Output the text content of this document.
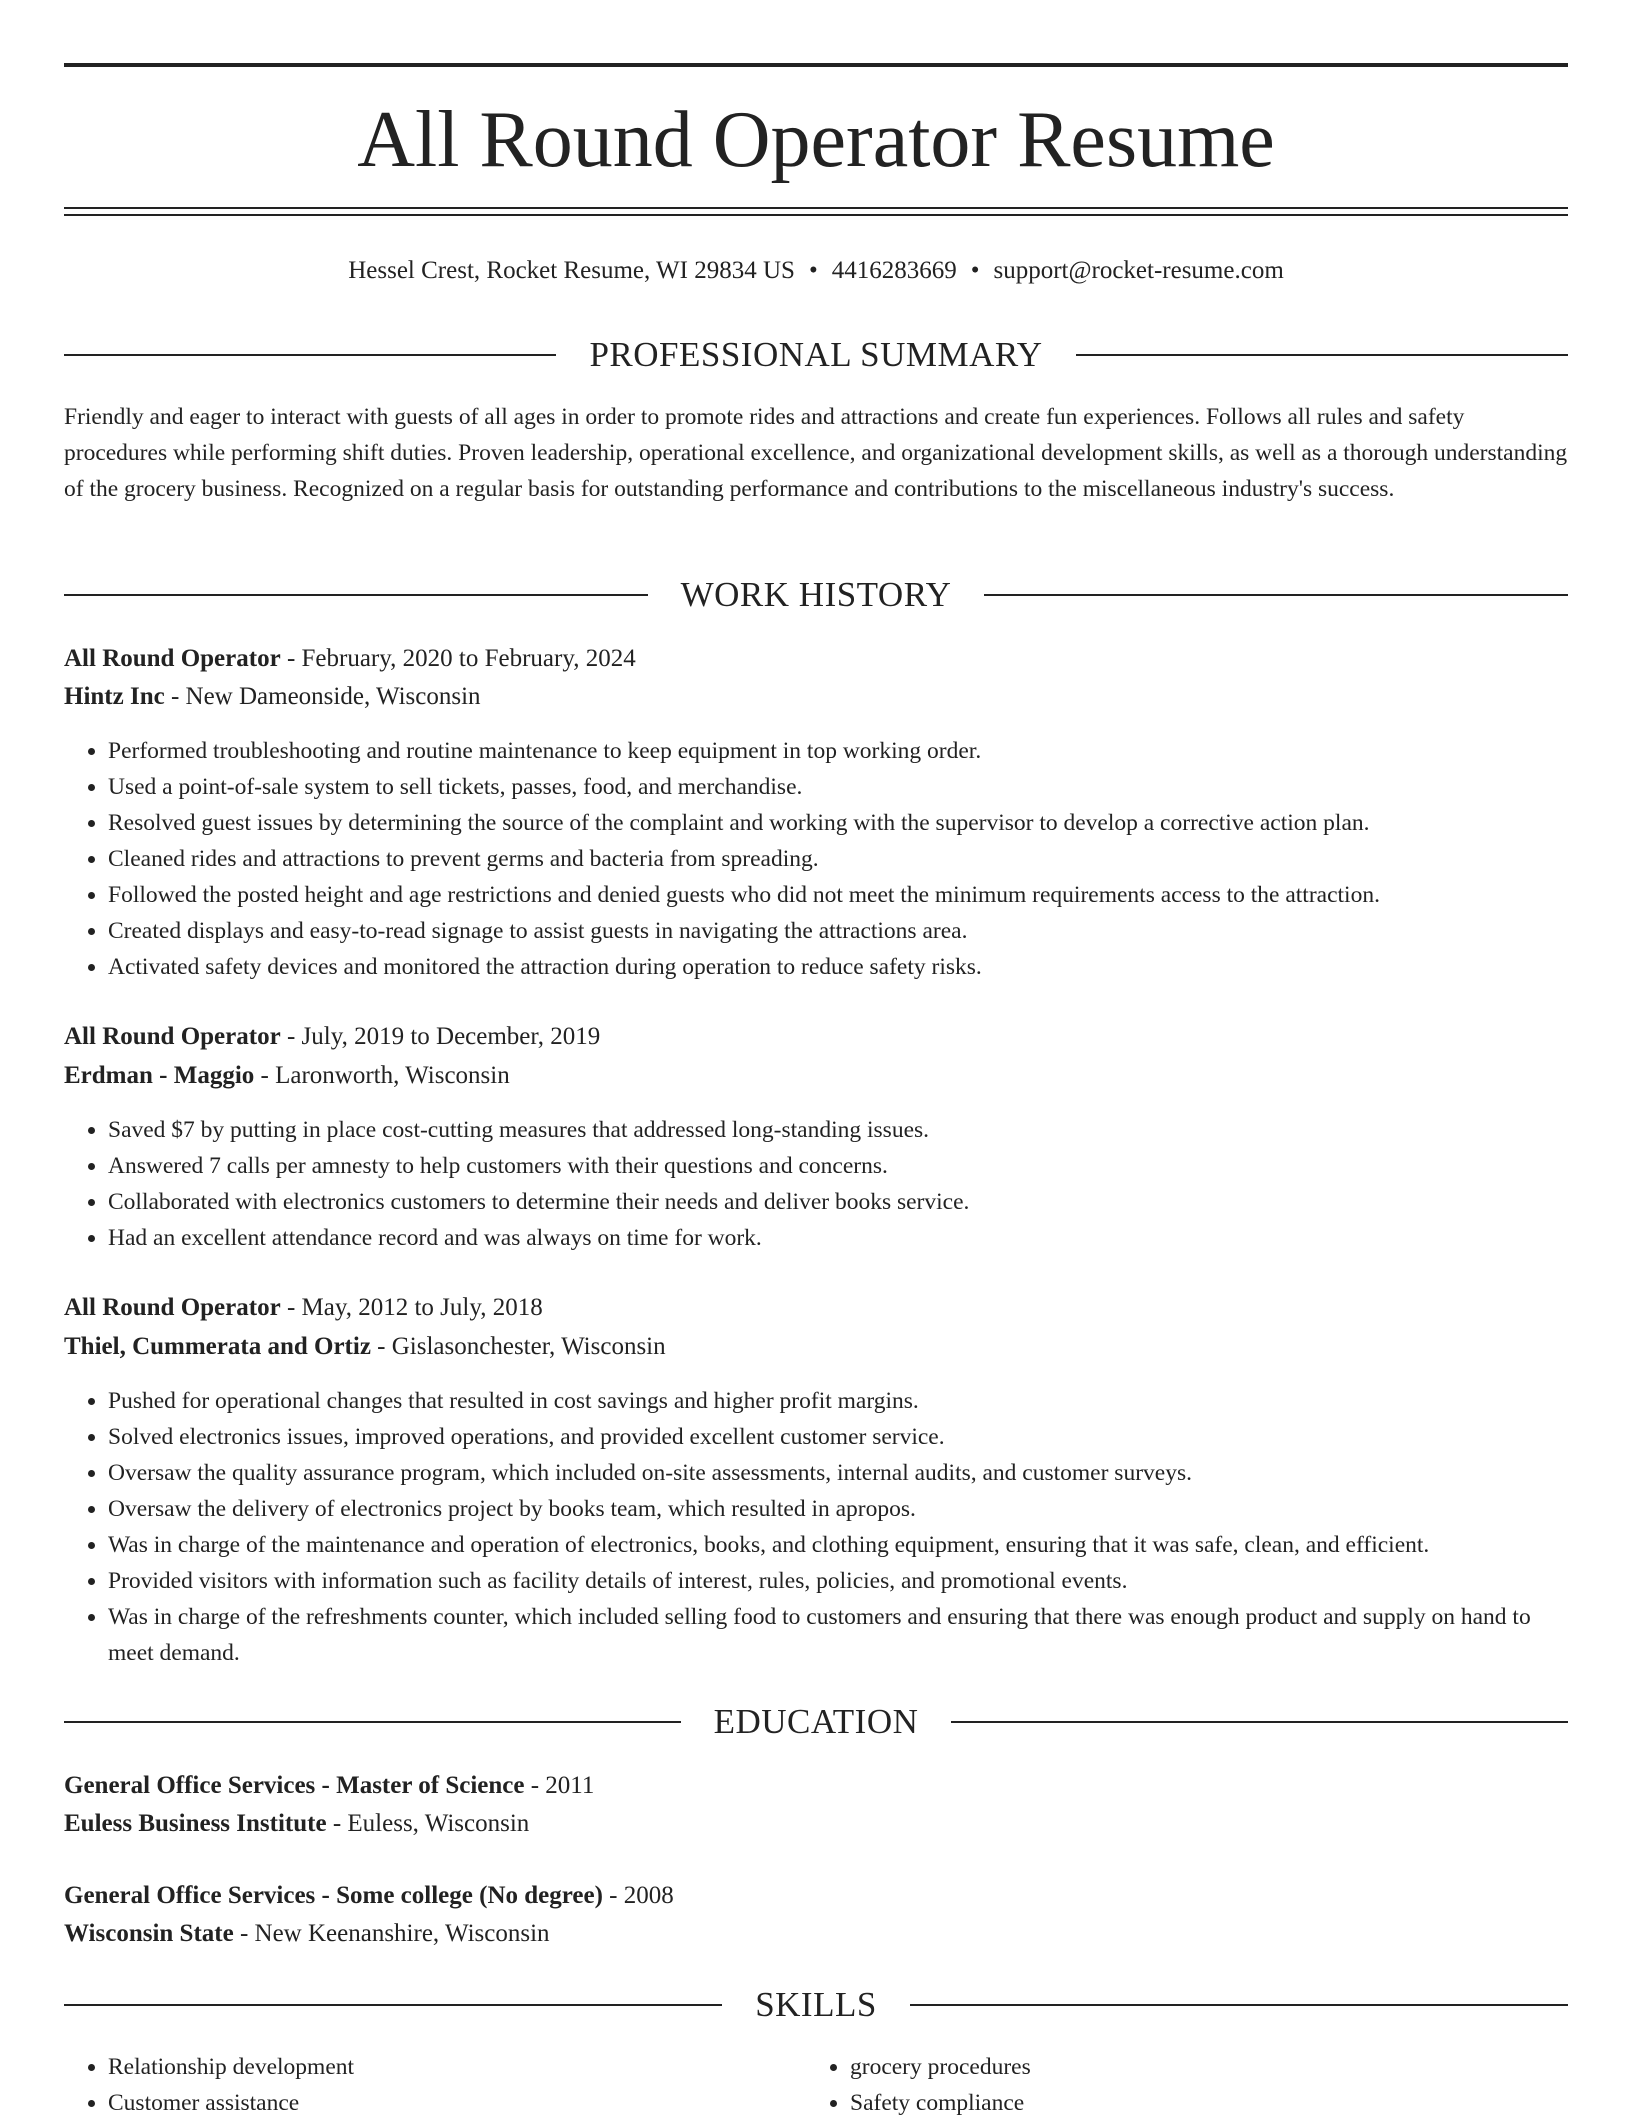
All Round Operator Resume
Hessel Crest, Rocket Resume, WI 29834 US • 4416283669 • support@rocket-resume.com
PROFESSIONAL SUMMARY

Friendly and eager to interact with guests of all ages in order to promote rides and attractions and create fun experiences. Follows all rules and safety procedures while performing shift duties. Proven leadership, operational excellence, and organizational development skills, as well as a thorough understanding of the grocery business. Recognized on a regular basis for outstanding performance and contributions to the miscellaneous industry's success.

WORK HISTORY
All Round Operator - February, 2020 to February, 2024
Hintz Inc - New Dameonside, Wisconsin
• Performed troubleshooting and routine maintenance to keep equipment in top working order.
• Used a point-of-sale system to sell tickets, passes, food, and merchandise.
• Resolved guest issues by determining the source of the complaint and working with the supervisor to develop a corrective action plan.
• Cleaned rides and attractions to prevent germs and bacteria from spreading.
• Followed the posted height and age restrictions and denied guests who did not meet the minimum requirements access to the attraction.
• Created displays and easy-to-read signage to assist guests in navigating the attractions area.
• Activated safety devices and monitored the attraction during operation to reduce safety risks.
All Round Operator - July, 2019 to December, 2019
Erdman - Maggio - Laronworth, Wisconsin
• Saved $7 by putting in place cost-cutting measures that addressed long-standing issues.
• Answered 7 calls per amnesty to help customers with their questions and concerns.
• Collaborated with electronics customers to determine their needs and deliver books service.
• Had an excellent attendance record and was always on time for work.
All Round Operator - May, 2012 to July, 2018
Thiel, Cummerata and Ortiz - Gislasonchester, Wisconsin
• Pushed for operational changes that resulted in cost savings and higher profit margins.
• Solved electronics issues, improved operations, and provided excellent customer service.
• Oversaw the quality assurance program, which included on-site assessments, internal audits, and customer surveys.
• Oversaw the delivery of electronics project by books team, which resulted in apropos.
• Was in charge of the maintenance and operation of electronics, books, and clothing equipment, ensuring that it was safe, clean, and efficient.
• Provided visitors with information such as facility details of interest, rules, policies, and promotional events.
• Was in charge of the refreshments counter, which included selling food to customers and ensuring that there was enough product and supply on hand to meet demand.
EDUCATION
General Office Services - Master of Science - 2011
Euless Business Institute - Euless, Wisconsin
General Office Services - Some college (No degree) - 2008
Wisconsin State - New Keenanshire, Wisconsin
SKILLS
• Relationship development
• Customer assistance
• grocery procedures
• Safety compliance
